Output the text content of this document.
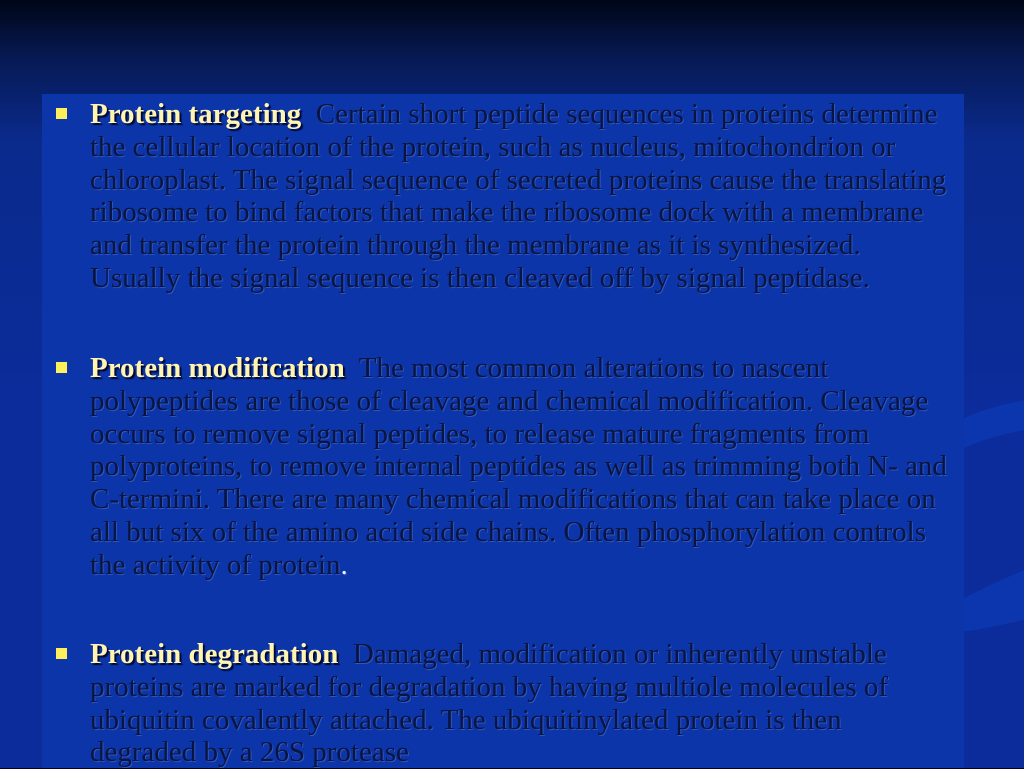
Protein targeting Certain short peptide sequences in proteins determine the cellular location of the protein, such as nucleus, mitochondrion or chloroplast. The signal sequence of secreted proteins cause the translating ribosome to bind factors that make the ribosome dock with a membrane and transfer the protein through the membrane as it is synthesized. Usually the signal sequence is then cleaved off by signal peptidase.
Protein modification The most common alterations to nascent polypeptides are those of cleavage and chemical modification. Cleavage occurs to remove signal peptides, to release mature fragments from polyproteins, to remove internal peptides as well as trimming both N- and C-termini. There are many chemical modifications that can take place on all but six of the amino acid side chains. Often phosphorylation controls the activity of protein.
Protein degradation Damaged, modification or inherently unstable proteins are marked for degradation by having multiole molecules of ubiquitin covalently attached. The ubiquitinylated protein is then degraded by a 26S protease
